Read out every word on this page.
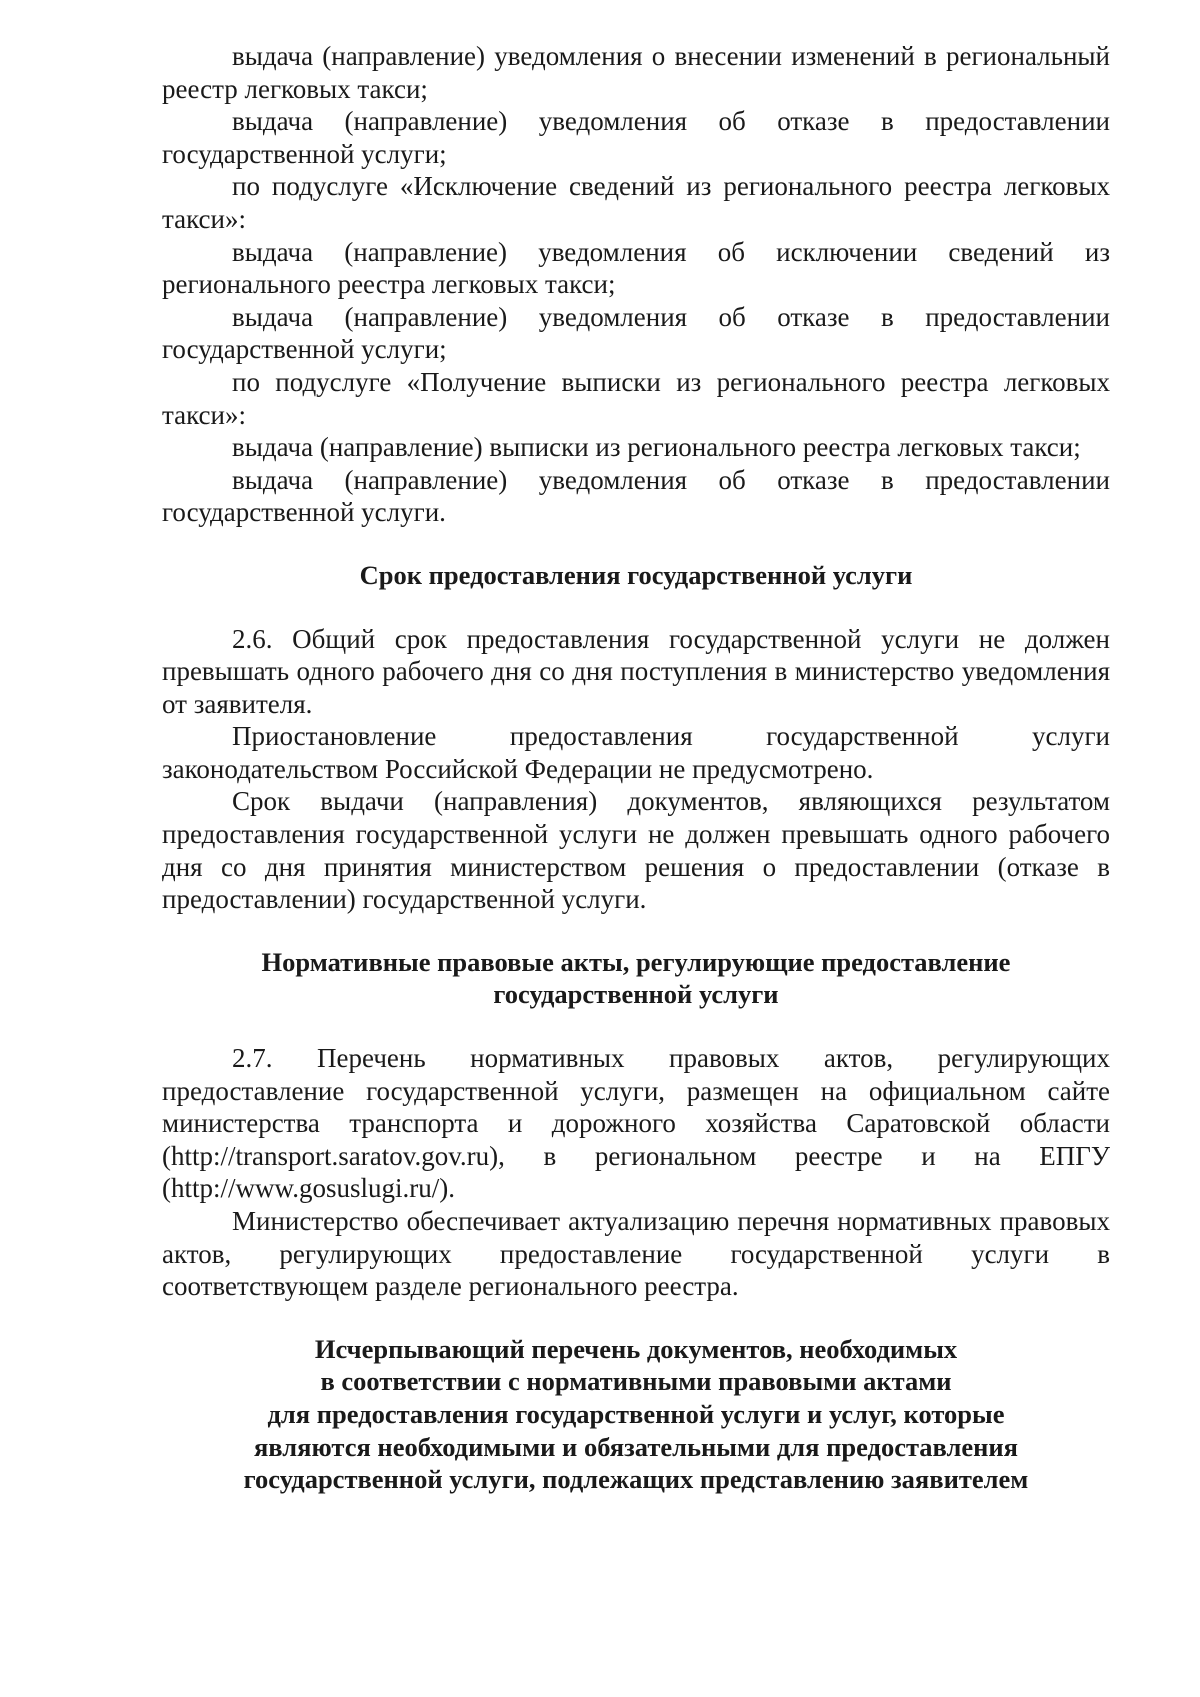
выдача (направление) уведомления о внесении изменений в региональный реестр легковых такси;

выдача (направление) уведомления об отказе в предоставлении государственной услуги;

по подуслуге «Исключение сведений из регионального реестра легковых такси»:

выдача (направление) уведомления об исключении сведений из регионального реестра легковых такси;

выдача (направление) уведомления об отказе в предоставлении государственной услуги;

по подуслуге «Получение выписки из регионального реестра легковых такси»:

выдача (направление) выписки из регионального реестра легковых такси;

выдача (направление) уведомления об отказе в предоставлении государственной услуги.

Срок предоставления государственной услуги

2.6. Общий срок предоставления государственной услуги не должен превышать одного рабочего дня со дня поступления в министерство уведомления от заявителя.

Приостановление предоставления государственной услуги законодательством Российской Федерации не предусмотрено.

Срок выдачи (направления) документов, являющихся результатом предоставления государственной услуги не должен превышать одного рабочего дня со дня принятия министерством решения о предоставлении (отказе в предоставлении) государственной услуги.

Нормативные правовые акты, регулирующие предоставление
государственной услуги

2.7. Перечень нормативных правовых актов, регулирующих предоставление государственной услуги, размещен на официальном сайте министерства транспорта и дорожного хозяйства Саратовской области (http://transport.saratov.gov.ru), в региональном реестре и на ЕПГУ (http://www.gosuslugi.ru/).

Министерство обеспечивает актуализацию перечня нормативных правовых актов, регулирующих предоставление государственной услуги в соответствующем разделе регионального реестра.

Исчерпывающий перечень документов, необходимых
в соответствии с нормативными правовыми актами
для предоставления государственной услуги и услуг, которые
являются необходимыми и обязательными для предоставления
государственной услуги, подлежащих представлению заявителем
